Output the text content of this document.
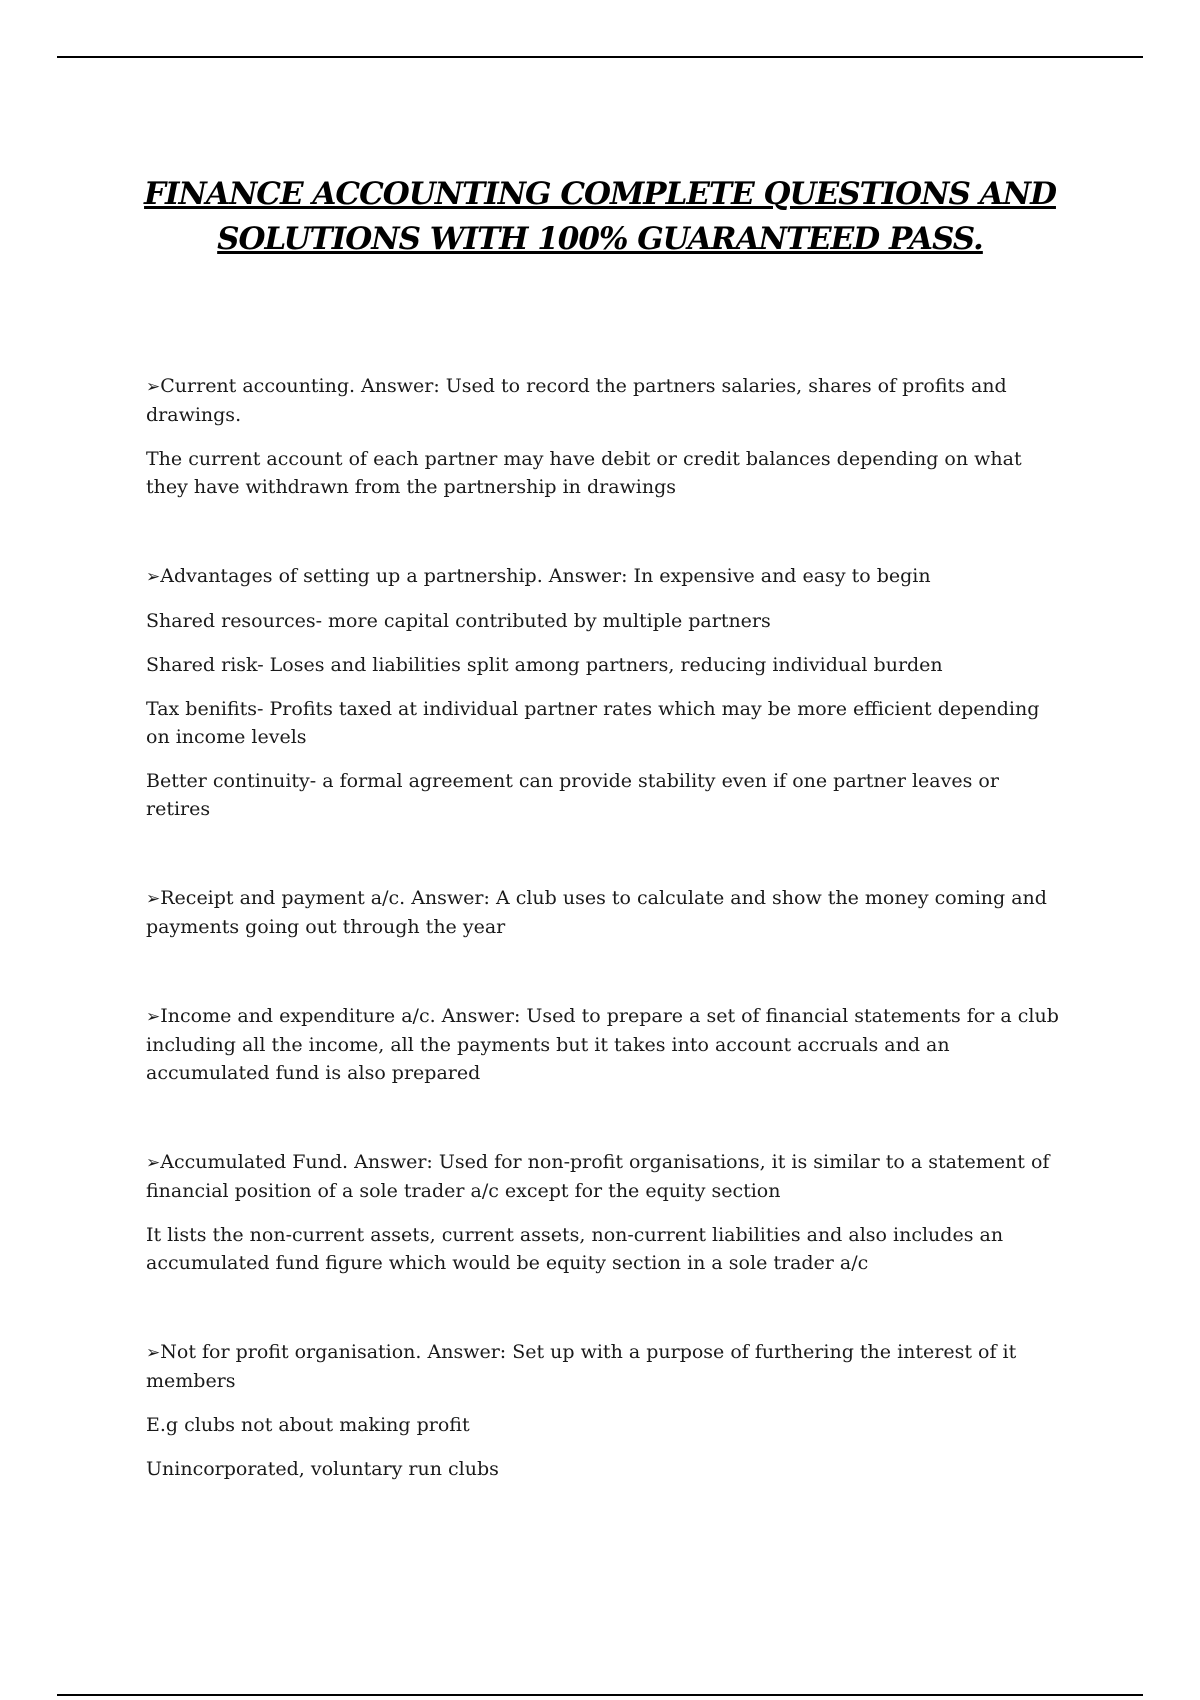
FINANCE ACCOUNTING COMPLETE QUESTIONS AND
SOLUTIONS WITH 100% GUARANTEED PASS.

➢Current accounting. Answer: Used to record the partners salaries, shares of profits and drawings.

The current account of each partner may have debit or credit balances depending on what they have withdrawn from the partnership in drawings

➢Advantages of setting up a partnership. Answer: In expensive and easy to begin

Shared resources- more capital contributed by multiple partners

Shared risk- Loses and liabilities split among partners, reducing individual burden

Tax benifits- Profits taxed at individual partner rates which may be more efficient depending on income levels

Better continuity- a formal agreement can provide stability even if one partner leaves or retires

➢Receipt and payment a/c. Answer: A club uses to calculate and show the money coming and payments going out through the year

➢Income and expenditure a/c. Answer: Used to prepare a set of financial statements for a club including all the income, all the payments but it takes into account accruals and an accumulated fund is also prepared

➢Accumulated Fund. Answer: Used for non-profit organisations, it is similar to a statement of financial position of a sole trader a/c except for the equity section

It lists the non-current assets, current assets, non-current liabilities and also includes an accumulated fund figure which would be equity section in a sole trader a/c

➢Not for profit organisation. Answer: Set up with a purpose of furthering the interest of it members

E.g clubs not about making profit

Unincorporated, voluntary run clubs
